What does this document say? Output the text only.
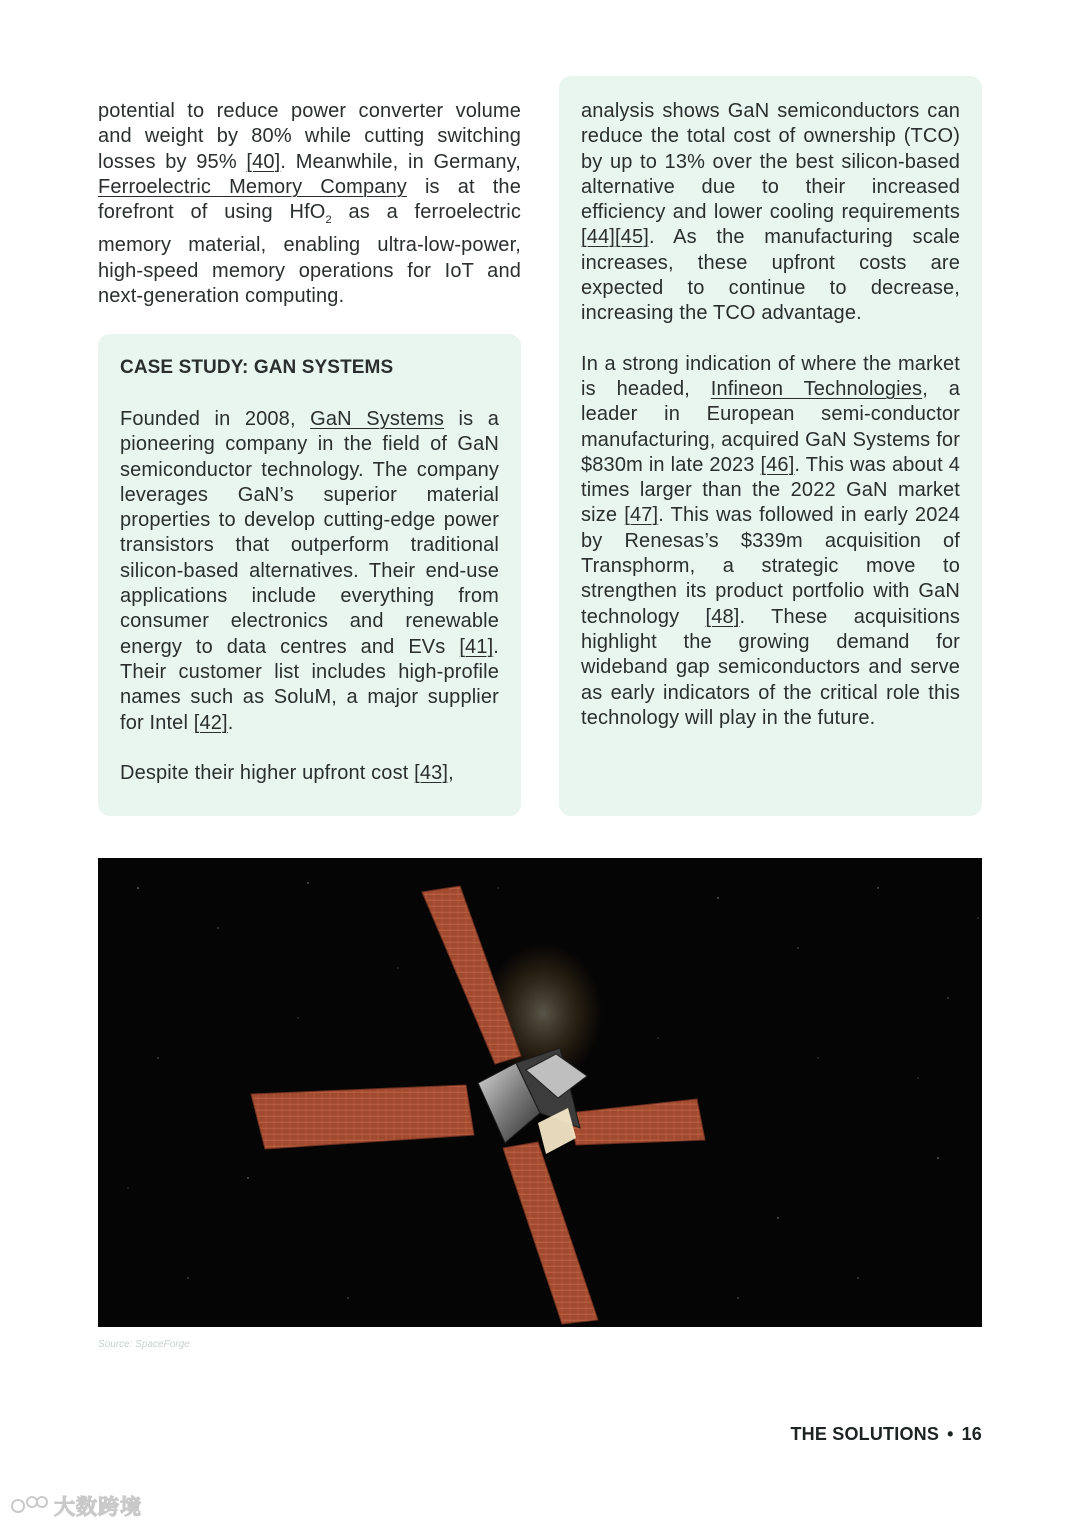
potential to reduce power converter volume and weight by 80% while cutting switching losses by 95% [40]. Meanwhile, in Germany, Ferroelectric Memory Company is at the forefront of using HfO$_2$ as a ferroelectric memory material, enabling ultra-low-power, high-speed memory operations for IoT and next-generation computing.

CASE STUDY: GAN SYSTEMS

Founded in 2008, GaN Systems is a pioneering company in the field of GaN semiconductor technology. The company leverages GaN’s superior material properties to develop cutting-edge power transistors that outperform traditional silicon-based alternatives. Their end-use applications include everything from consumer electronics and renewable energy to data centres and EVs [41]. Their customer list includes high-profile names such as SoluM, a major supplier for Intel [42].

Despite their higher upfront cost [43],

analysis shows GaN semiconductors can reduce the total cost of ownership (TCO) by up to 13% over the best silicon-based alternative due to their increased efficiency and lower cooling requirements [44][45]. As the manufacturing scale increases, these upfront costs are expected to continue to decrease, increasing the TCO advantage.

In a strong indication of where the market is headed, Infineon Technologies, a leader in European semi-conductor manufacturing, acquired GaN Systems for $830m in late 2023 [46]. This was about 4 times larger than the 2022 GaN market size [47]. This was followed in early 2024 by Renesas’s $339m acquisition of Transphorm, a strategic move to strengthen its product portfolio with GaN technology [48]. These acquisitions highlight the growing demand for wideband gap semiconductors and serve as early indicators of the critical role this technology will play in the future.

Source: SpaceForge
THE SOLUTIONS • 16
大数跨境
